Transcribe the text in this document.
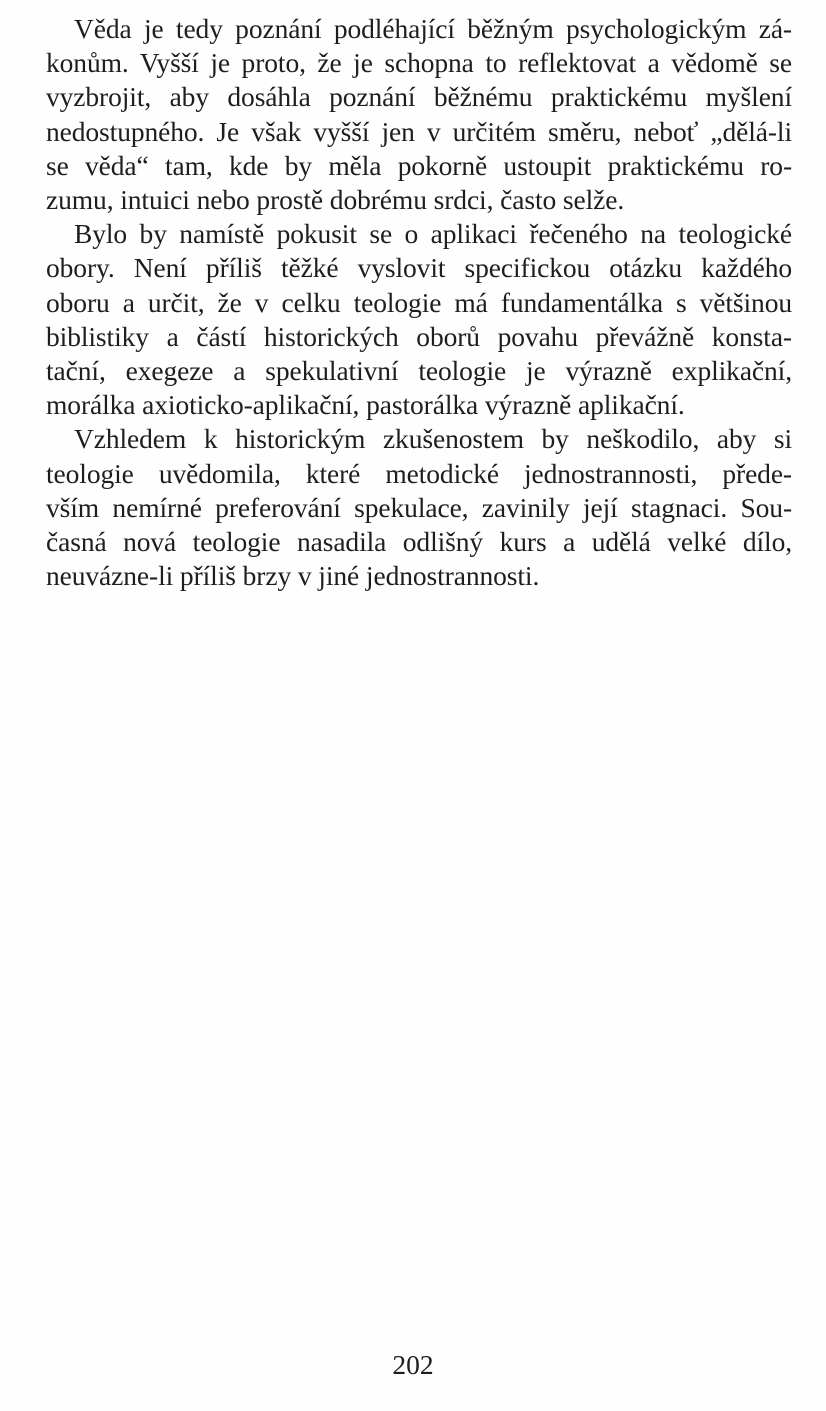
Věda je tedy poznání podléhající běžným psychologickým zá-
konům. Vyšší je proto, že je schopna to reflektovat a vědomě se
vyzbrojit, aby dosáhla poznání běžnému praktickému myšlení
nedostupného. Je však vyšší jen v určitém směru, neboť „dělá-li
se věda“ tam, kde by měla pokorně ustoupit praktickému ro-
zumu, intuici nebo prostě dobrému srdci, často selže.
Bylo by namístě pokusit se o aplikaci řečeného na teologické
obory. Není příliš těžké vyslovit specifickou otázku každého
oboru a určit, že v celku teologie má fundamentálka s většinou
biblistiky a částí historických oborů povahu převážně konsta-
tační, exegeze a spekulativní teologie je výrazně explikační,
morálka axioticko-aplikační, pastorálka výrazně aplikační.
Vzhledem k historickým zkušenostem by neškodilo, aby si
teologie uvědomila, které metodické jednostrannosti, přede-
vším nemírné preferování spekulace, zavinily její stagnaci. Sou-
časná nová teologie nasadila odlišný kurs a udělá velké dílo,
neuvázne-li příliš brzy v jiné jednostrannosti.
202
